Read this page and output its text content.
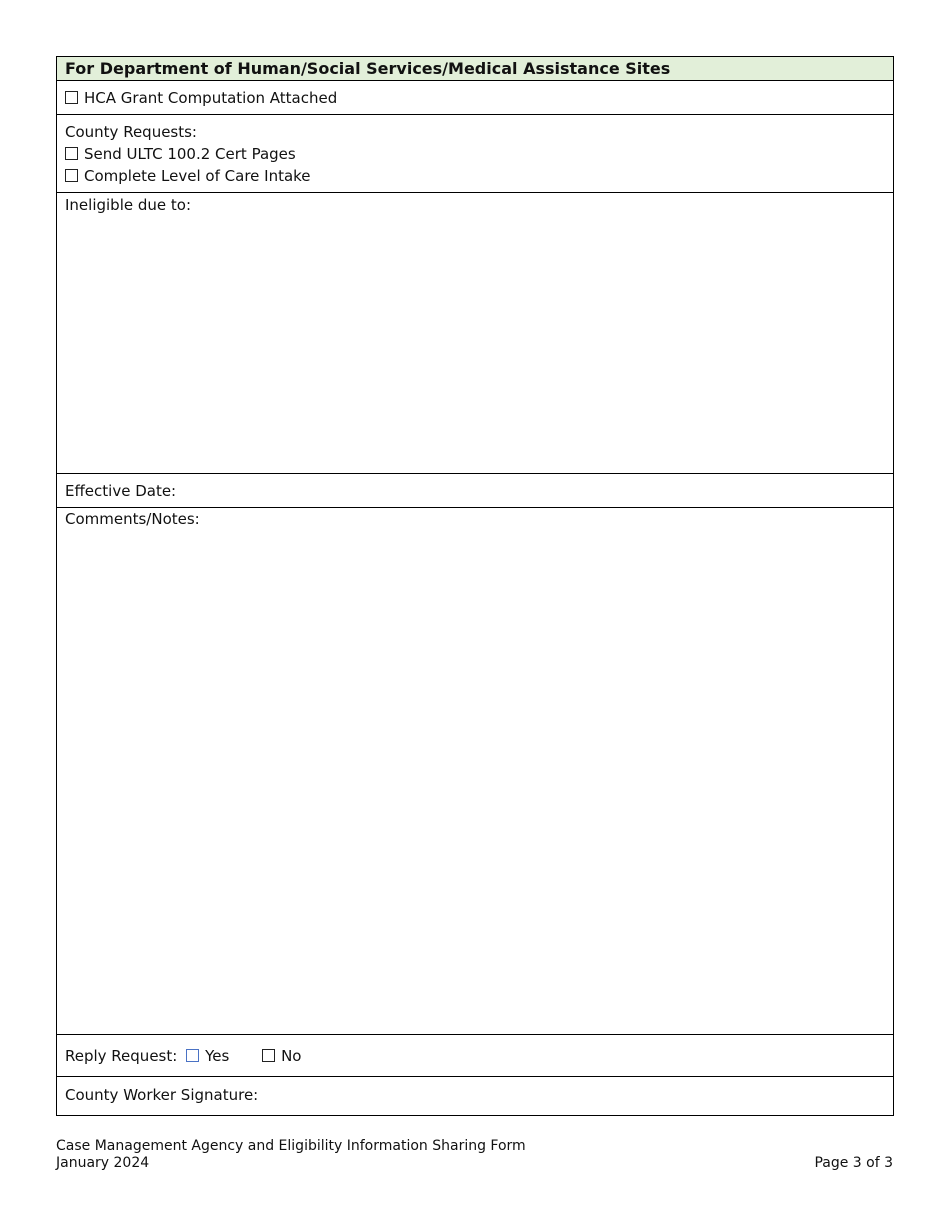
For Department of Human/Social Services/Medical Assistance Sites
HCA Grant Computation Attached
County Requests:
Send ULTC 100.2 Cert Pages
Complete Level of Care Intake
Ineligible due to:
Effective Date:
Comments/Notes:
Reply Request: Yes	No
County Worker Signature:
Case Management Agency and Eligibility Information Sharing Form
January 2024	Page 3 of 3
